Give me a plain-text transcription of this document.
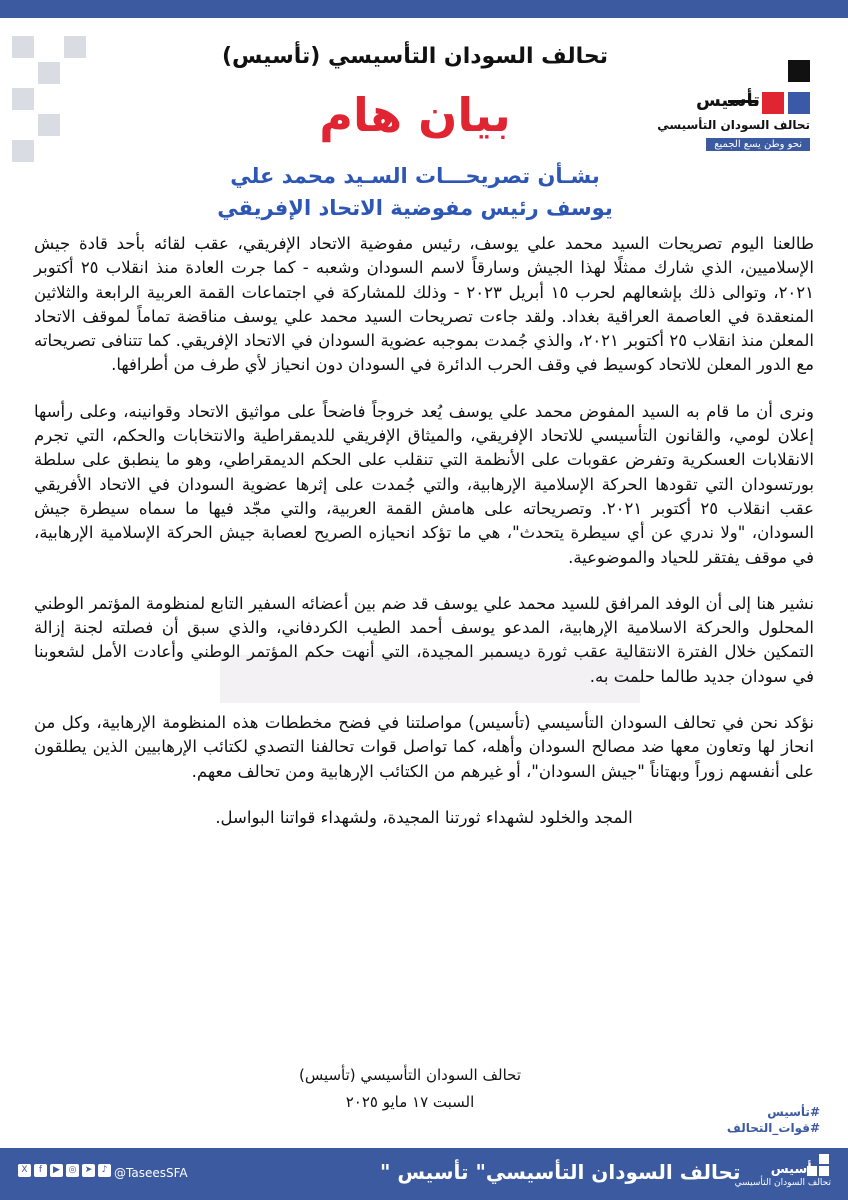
تأسيس
تحالف السودان التأسيسي
نحو وطن يسع الجميع
تحالف السودان التأسيسي (تأسيس)
بيان هام
بشـأن تصريحـــات السـيد محمد علي
يوسف رئيس مفوضية الاتحاد الإفريقي

طالعنا اليوم تصريحات السيد محمد علي يوسف، رئيس مفوضية الاتحاد الإفريقي، عقب لقائه بأحد قادة جيش الإسلاميين، الذي شارك ممثلًا لهذا الجيش وسارقاً لاسم السودان وشعبه - كما جرت العادة منذ انقلاب ٢٥ أكتوبر ٢٠٢١، وتوالى ذلك بإشعالهم لحرب ١٥ أبريل ٢٠٢٣ - وذلك للمشاركة في اجتماعات القمة العربية الرابعة والثلاثين المنعقدة في العاصمة العراقية بغداد. ولقد جاءت تصريحات السيد محمد علي يوسف مناقضة تماماً لموقف الاتحاد المعلن منذ انقلاب ٢٥ أكتوبر ٢٠٢١، والذي جُمدت بموجبه عضوية السودان في الاتحاد الإفريقي. كما تتنافى تصريحاته مع الدور المعلن للاتحاد كوسيط في وقف الحرب الدائرة في السودان دون انحياز لأي طرف من أطرافها.

ونرى أن ما قام به السيد المفوض محمد علي يوسف يُعد خروجاً فاضحاً على مواثيق الاتحاد وقوانينه، وعلى رأسها إعلان لومي، والقانون التأسيسي للاتحاد الإفريقي، والميثاق الإفريقي للديمقراطية والانتخابات والحكم، التي تجرم الانقلابات العسكرية وتفرض عقوبات على الأنظمة التي تنقلب على الحكم الديمقراطي، وهو ما ينطبق على سلطة بورتسودان التي تقودها الحركة الإسلامية الإرهابية، والتي جُمدت على إثرها عضوية السودان في الاتحاد الأفريقي عقب انقلاب ٢٥ أكتوبر ٢٠٢١. وتصريحاته على هامش القمة العربية، والتي مجّد فيها ما سماه سيطرة جيش السودان، "ولا ندري عن أي سيطرة يتحدث"، هي ما تؤكد انحيازه الصريح لعصابة جيش الحركة الإسلامية الإرهابية، في موقف يفتقر للحياد والموضوعية.

نشير هنا إلى أن الوفد المرافق للسيد محمد علي يوسف قد ضم بين أعضائه السفير التابع لمنظومة المؤتمر الوطني المحلول والحركة الاسلامية الإرهابية، المدعو يوسف أحمد الطيب الكردفاني، والذي سبق أن فصلته لجنة إزالة التمكين خلال الفترة الانتقالية عقب ثورة ديسمبر المجيدة، التي أنهت حكم المؤتمر الوطني وأعادت الأمل لشعوبنا في سودان جديد طالما حلمت به.

نؤكد نحن في تحالف السودان التأسيسي (تأسيس) مواصلتنا في فضح مخططات هذه المنظومة الإرهابية، وكل من انحاز لها وتعاون معها ضد مصالح السودان وأهله، كما تواصل قوات تحالفنا التصدي لكتائب الإرهابيين الذين يطلقون على أنفسهم زوراً وبهتاناً "جيش السودان"، أو غيرهم من الكتائب الإرهابية ومن تحالف معهم.

المجد والخلود لشهداء ثورتنا المجيدة، ولشهداء قواتنا البواسل.

تحالف السودان التأسيسي (تأسيس)
السبت ١٧ مايو ٢٠٢٥
#تأسيس
#قوات_التحالف
X	f	▶ ◎ ➤	♪ @TaseesSFA	تحالف السودان التأسيسي" تأسيس " تأسيس
تحالف السودان التأسيسي
